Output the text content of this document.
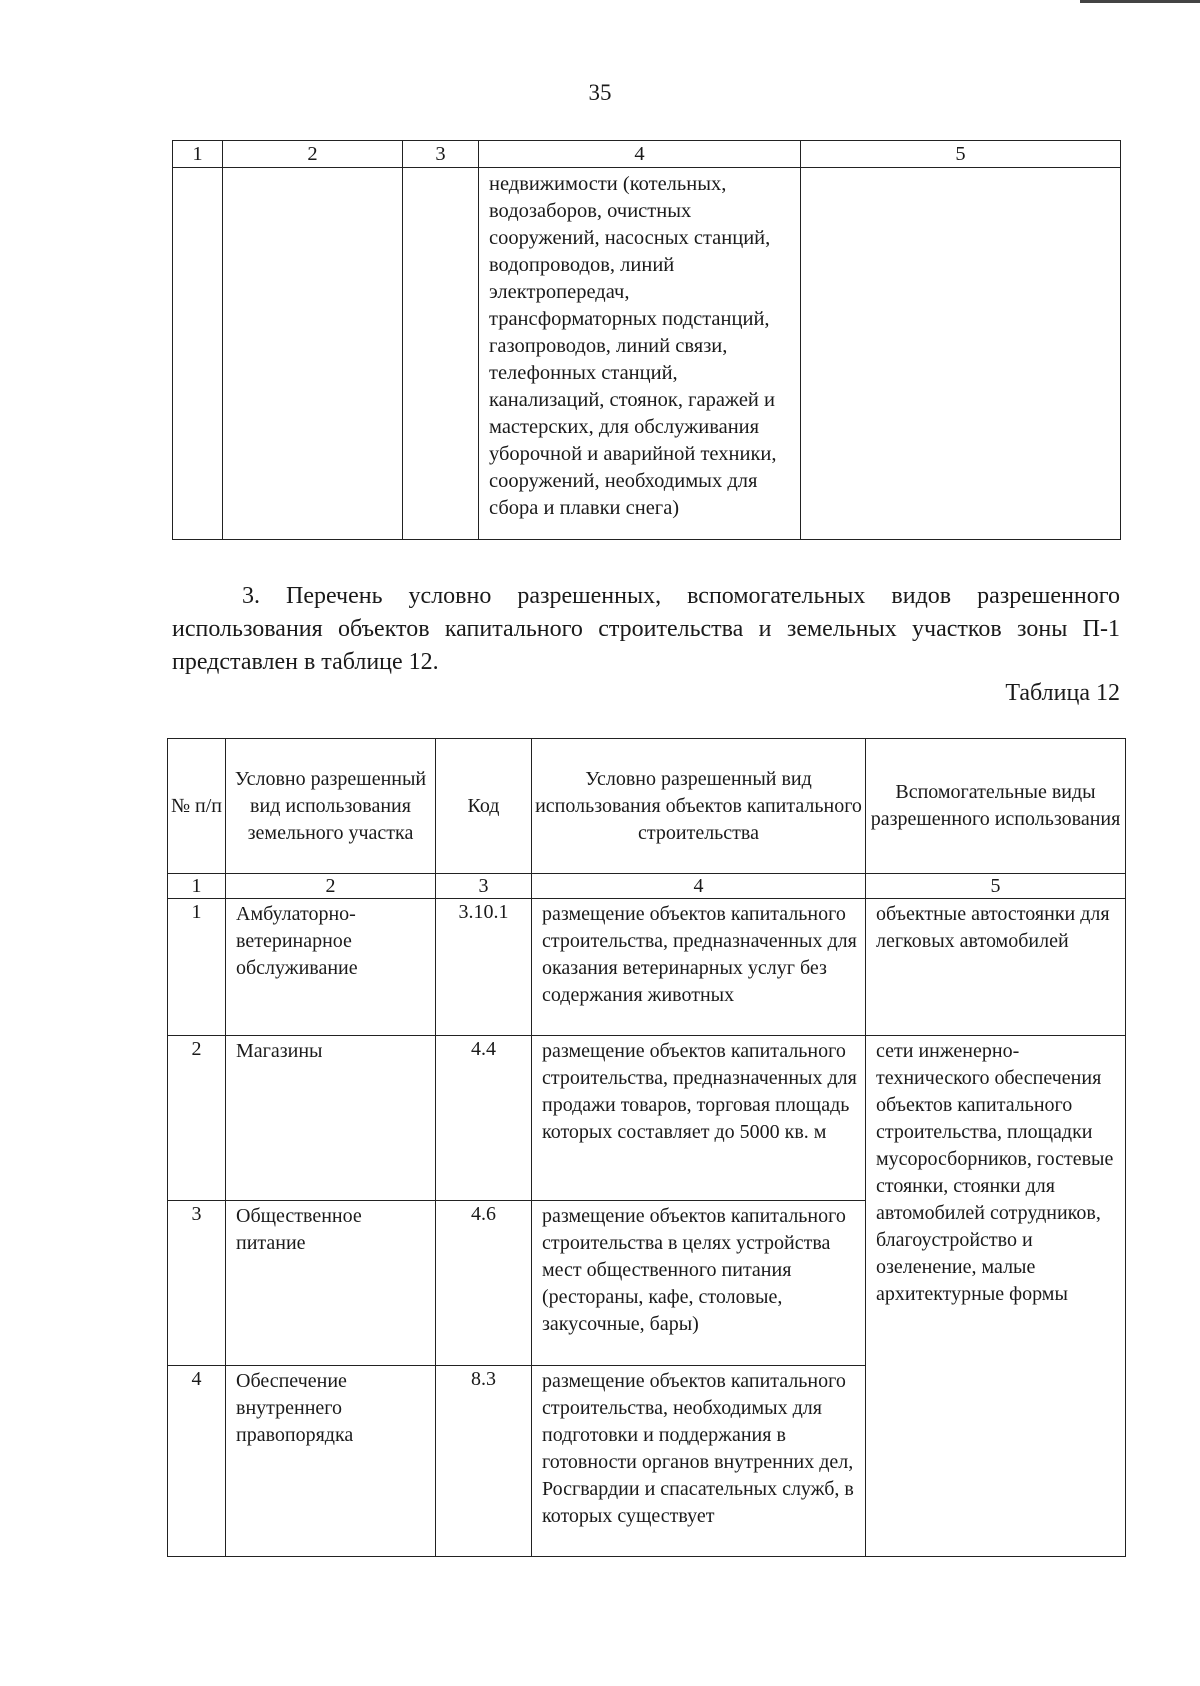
35
1	2	3	4	5
			недвижимости (котельных, водозаборов, очистных сооружений, насосных станций, водопроводов, линий электропередач, трансформаторных подстанций, газопроводов, линий связи, телефонных станций, канализаций, стоянок, гаражей и мастерских, для обслуживания уборочной и аварийной техники, сооружений, необходимых для сбора и плавки снега)	

3. Перечень условно разрешенных, вспомогательных видов разрешенного использования объектов капитального строительства и земельных участков зоны П-1 представлен в таблице 12.

Таблица 12
№ п/п	Условно разрешенный вид использования земельного участка	Код	Условно разрешенный вид использования объектов капитального строительства	Вспомогательные виды разрешенного использования
1	2	3	4	5
1	Амбулаторно-ветеринарное обслуживание	3.10.1	размещение объектов капитального строительства, предназначенных для оказания ветеринарных услуг без содержания животных	объектные автостоянки для легковых автомобилей
2	Магазины	4.4	размещение объектов капитального строительства, предназначенных для продажи товаров, торговая площадь которых составляет до 5000 кв. м	сети инженерно-технического обеспечения объектов капитального строительства, площадки мусоросборников, гостевые стоянки, стоянки для автомобилей сотрудников, благоустройство и озеленение, малые архитектурные формы
3	Общественное питание	4.6	размещение объектов капитального строительства в целях устройства мест общественного питания (рестораны, кафе, столовые, закусочные, бары)	
4	Обеспечение внутреннего правопорядка	8.3	размещение объектов капитального строительства, необходимых для подготовки и поддержания в готовности органов внутренних дел, Росгвардии и спасательных служб, в которых существует	
